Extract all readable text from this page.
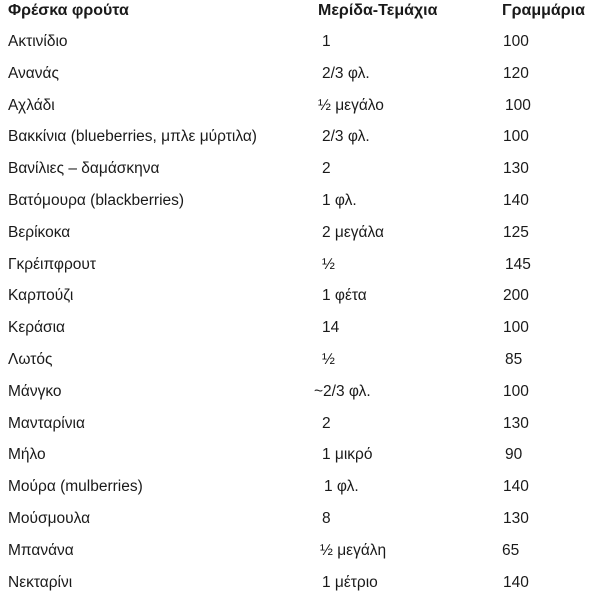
Φρέσκα φρούτα	Μερίδα-Τεμάχια	Γραμμάρια
Ακτινίδιο	1	100
Ανανάς	2/3 φλ.	120
Αχλάδι	½ μεγάλο	100
Βακκίνια (blueberries, μπλε μύρτιλα)	2/3 φλ.	100
Βανίλιες – δαμάσκηνα	2	130
Βατόμουρα (blackberries)	1 φλ.	140
Βερίκοκα	2 μεγάλα	125
Γκρέιπφρουτ	½	145
Καρπούζι	1 φέτα	200
Κεράσια	14	100
Λωτός	½	85
Μάνγκο	~2/3 φλ.	100
Μανταρίνια	2	130
Μήλο	1 μικρό	90
Μούρα (mulberries)	1 φλ.	140
Μούσμουλα	8	130
Μπανάνα	½ μεγάλη	65
Νεκταρίνι	1 μέτριο	140
